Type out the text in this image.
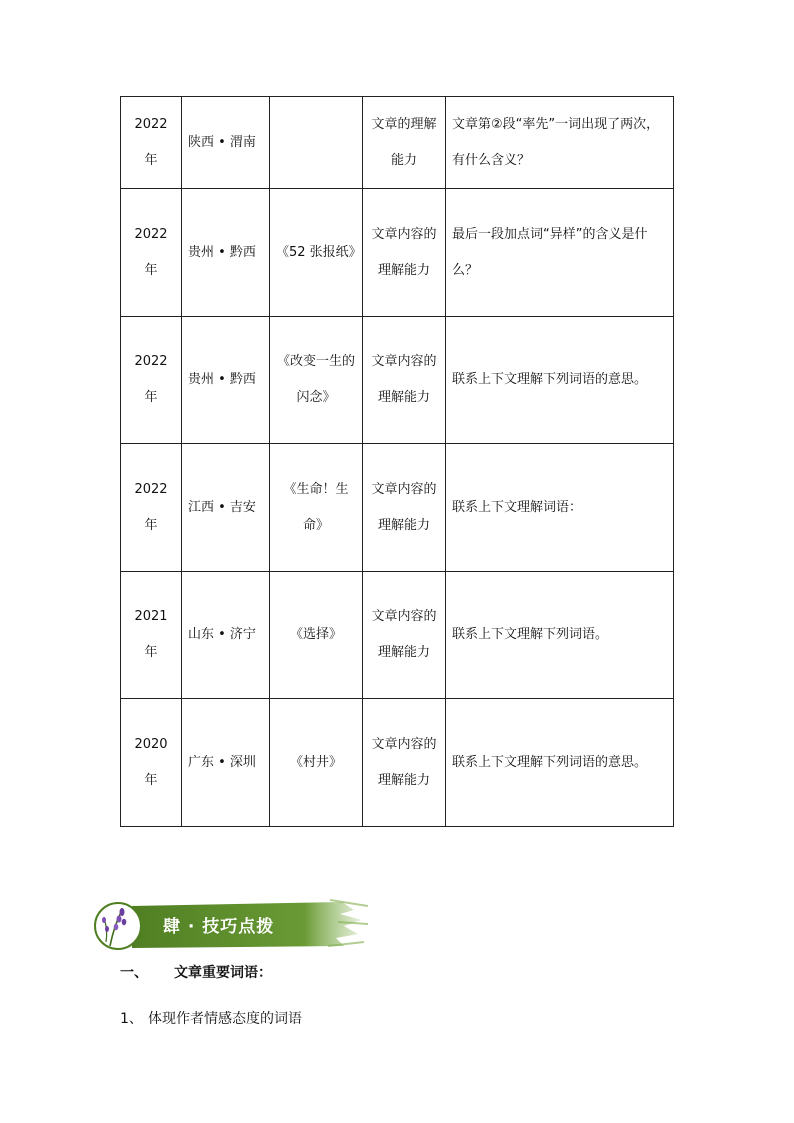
2022 年	陕西 • 渭南		文章的理解能力	文章第②段“率先”一词出现了两次，有什么含义？

2022 年	贵州 • 黔西	《52 张报纸》	文章内容的理解能力	最后一段加点词“异样”的含义是什么？

2022 年	贵州 • 黔西	《改变一生的闪念》	文章内容的理解能力	联系上下文理解下列词语的意思。

2022 年	江西 • 吉安	《生命！生命》	文章内容的理解能力	联系上下文理解词语：

2021 年	山东 • 济宁	《选择》	文章内容的理解能力	联系上下文理解下列词语。

2020 年	广东 • 深圳	《村井》	文章内容的理解能力	联系上下文理解下列词语的意思。
肆 · 技巧点拨
一、 文章重要词语：
1、 体现作者情感态度的词语
